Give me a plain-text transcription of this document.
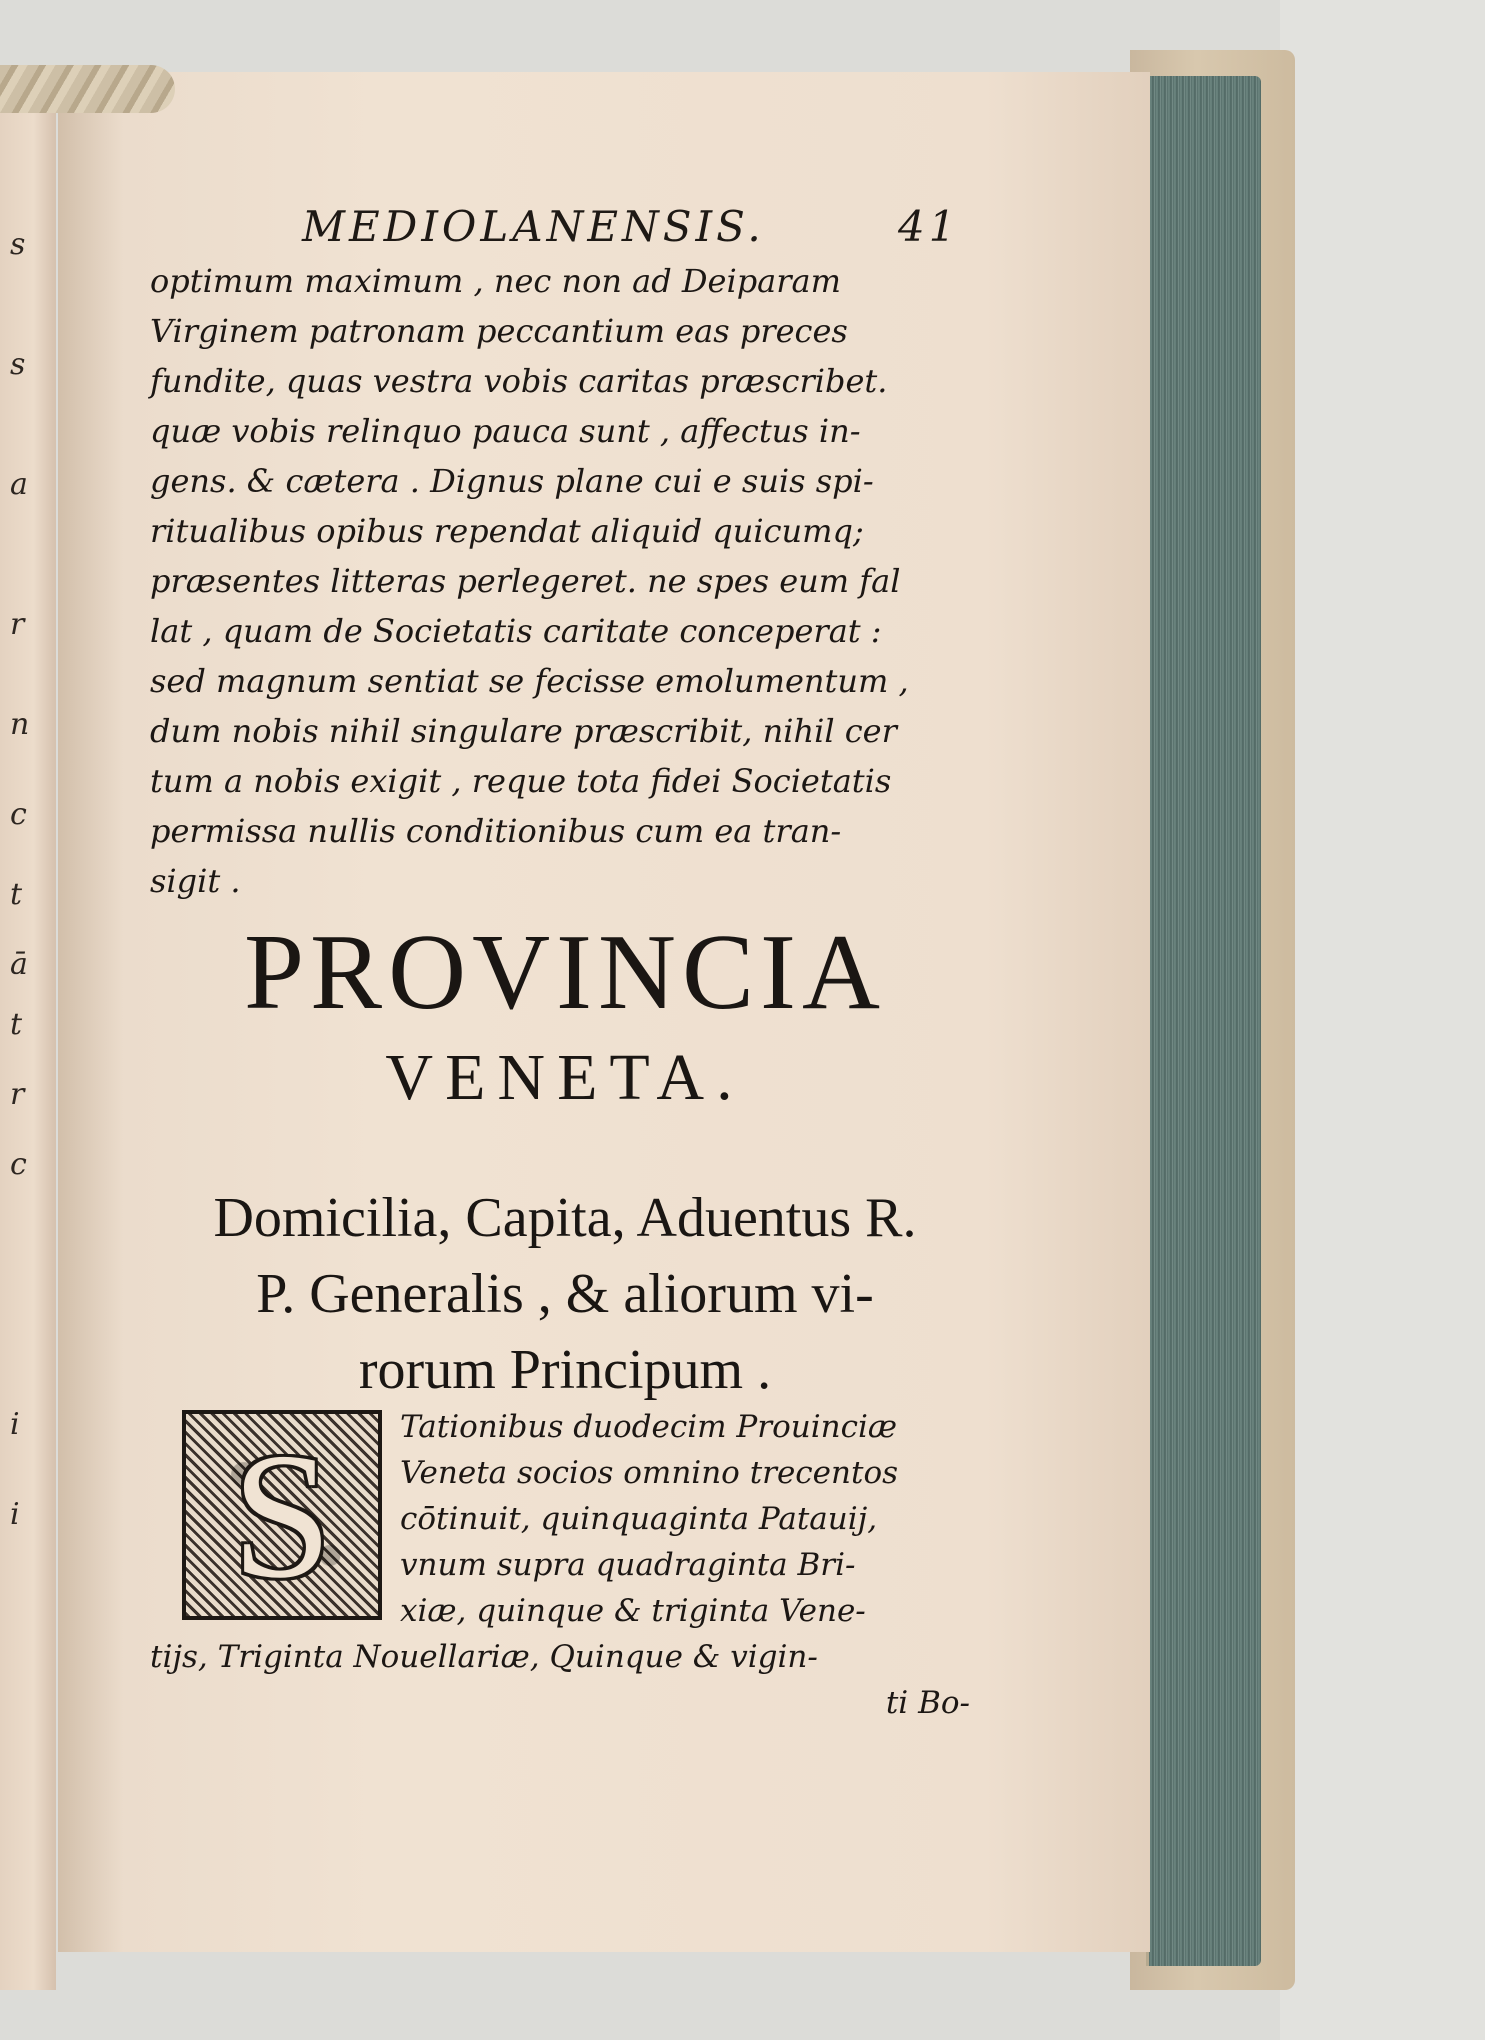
s
s
a
r
n
c
t
ā
t
r
c
i
i
MEDIOLANENSIS.	41
optimum maximum , nec non ad Deiparam
Virginem patronam peccantium eas preces
fundite, quas vestra vobis caritas præscribet.
quæ vobis relinquo pauca sunt , affectus in-
gens. & cætera . Dignus plane cui e suis spi-
ritualibus opibus rependat aliquid quicumq;
præsentes litteras perlegeret. ne spes eum fal
lat , quam de Societatis caritate conceperat :
sed magnum sentiat se fecisse emolumentum ,
dum nobis nihil singulare præscribit, nihil cer
tum a nobis exigit , reque tota fidei Societatis
permissa nullis conditionibus cum ea tran-
sigit .
PROVINCIA
VENETA.
Domicilia, Capita, Aduentus R.
P. Generalis , & aliorum vi-
rorum Principum .
S	Tationibus duodecim Prouinciæ
Veneta socios omnino trecentos
cōtinuit, quinquaginta Patauij,
vnum supra quadraginta Bri-
xiæ, quinque & triginta Vene-
tijs, Triginta Nouellariæ, Quinque & vigin-
ti Bo-
